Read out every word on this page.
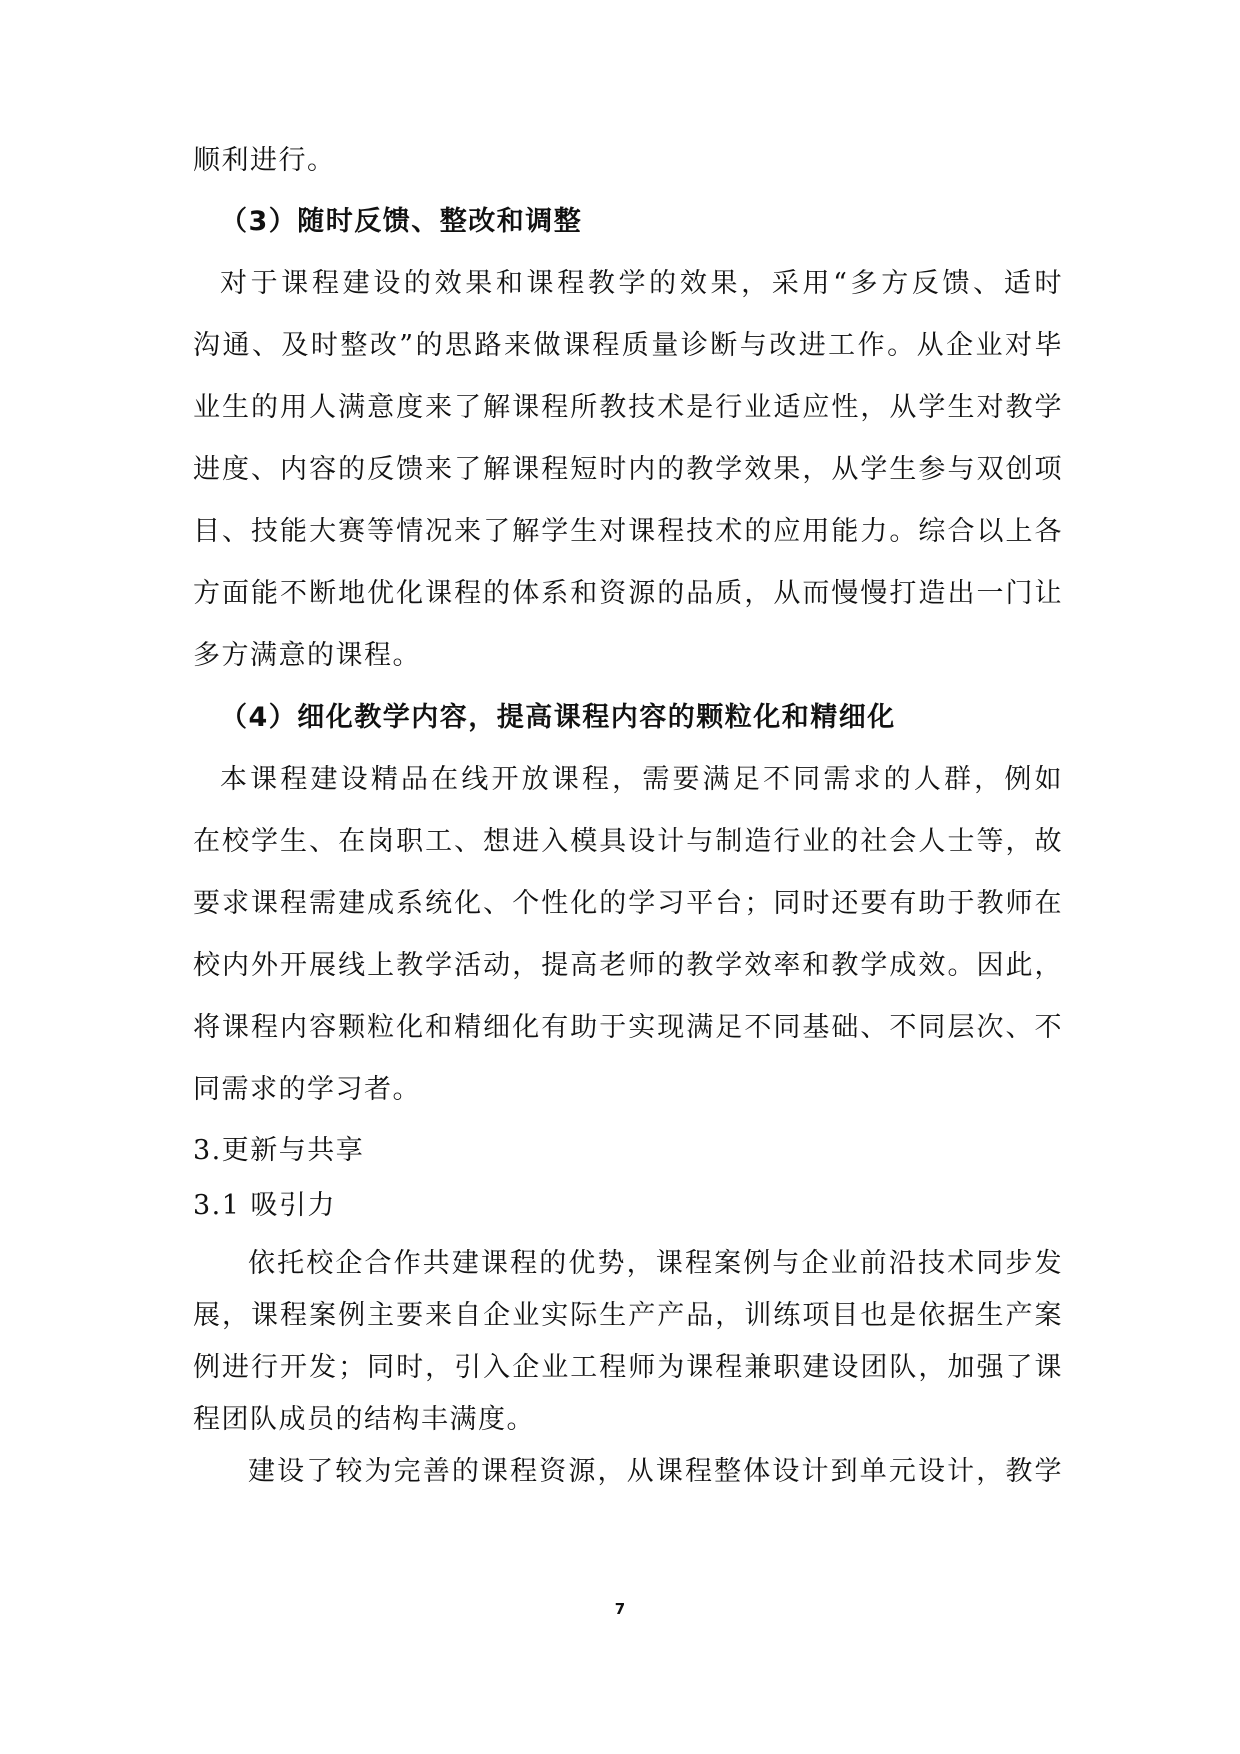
顺利进行。
（3）随时反馈、整改和调整
对于课程建设的效果和课程教学的效果，采用“多方反馈、适时
沟通、及时整改”的思路来做课程质量诊断与改进工作。从企业对毕
业生的用人满意度来了解课程所教技术是行业适应性，从学生对教学
进度、内容的反馈来了解课程短时内的教学效果，从学生参与双创项
目、技能大赛等情况来了解学生对课程技术的应用能力。综合以上各
方面能不断地优化课程的体系和资源的品质，从而慢慢打造出一门让
多方满意的课程。
（4）细化教学内容，提高课程内容的颗粒化和精细化
本课程建设精品在线开放课程，需要满足不同需求的人群，例如
在校学生、在岗职工、想进入模具设计与制造行业的社会人士等，故
要求课程需建成系统化、个性化的学习平台；同时还要有助于教师在
校内外开展线上教学活动，提高老师的教学效率和教学成效。因此，
将课程内容颗粒化和精细化有助于实现满足不同基础、不同层次、不
同需求的学习者。
3.更新与共享
3.1 吸引力
依托校企合作共建课程的优势，课程案例与企业前沿技术同步发
展，课程案例主要来自企业实际生产产品，训练项目也是依据生产案
例进行开发；同时，引入企业工程师为课程兼职建设团队，加强了课
程团队成员的结构丰满度。
建设了较为完善的课程资源，从课程整体设计到单元设计，教学
7
